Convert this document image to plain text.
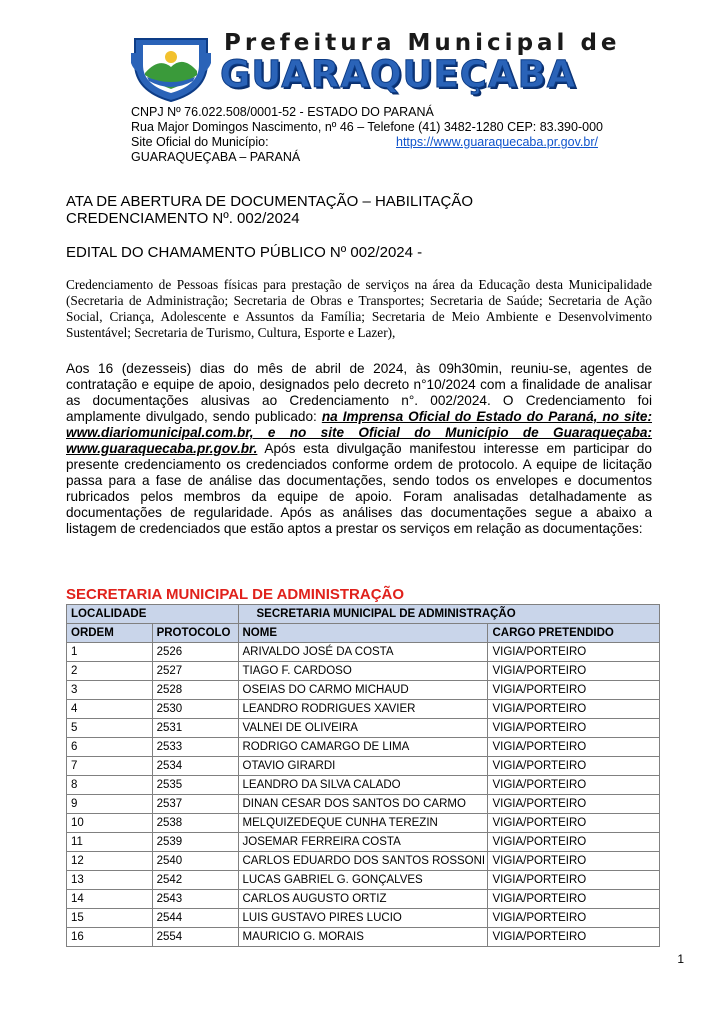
Prefeitura Municipal de
GUARAQUEÇABA
CNPJ Nº 76.022.508/0001-52 - ESTADO DO PARANÁ
Rua Major Domingos Nascimento, nº 46 – Telefone (41) 3482-1280 CEP: 83.390-000
Site Oficial do Município:	https://www.guaraquecaba.pr.gov.br/
GUARAQUEÇABA – PARANÁ
ATA DE ABERTURA DE DOCUMENTAÇÃO – HABILITAÇÃO
CREDENCIAMENTO Nº. 002/2024
EDITAL DO CHAMAMENTO PÚBLICO Nº 002/2024 -
Credenciamento de Pessoas físicas para prestação de serviços na área da Educação desta Municipalidade (Secretaria de Administração; Secretaria de Obras e Transportes; Secretaria de Saúde; Secretaria de Ação Social, Criança, Adolescente e Assuntos da Família; Secretaria de Meio Ambiente e Desenvolvimento Sustentável; Secretaria de Turismo, Cultura, Esporte e Lazer),
Aos 16 (dezesseis) dias do mês de abril de 2024, às 09h30min, reuniu-se, agentes de contratação e equipe de apoio, designados pelo decreto n°10/2024 com a finalidade de analisar as documentações alusivas ao Credenciamento n°. 002/2024. O Credenciamento foi amplamente divulgado, sendo publicado: na Imprensa Oficial do Estado do Paraná, no site: www.diariomunicipal.com.br, e no site Oficial do Município de Guaraqueçaba: www.guaraquecaba.pr.gov.br. Após esta divulgação manifestou interesse em participar do presente credenciamento os credenciados conforme ordem de protocolo. A equipe de licitação passa para a fase de análise das documentações, sendo todos os envelopes e documentos rubricados pelos membros da equipe de apoio. Foram analisadas detalhadamente as documentações de regularidade. Após as análises das documentações segue a abaixo a listagem de credenciados que estão aptos a prestar os serviços em relação as documentações:
SECRETARIA MUNICIPAL DE ADMINISTRAÇÃO
LOCALIDADE		SECRETARIA MUNICIPAL DE ADMINISTRAÇÃO	
ORDEM	PROTOCOLO	NOME	CARGO PRETENDIDO
1	2526	ARIVALDO JOSÉ DA COSTA	VIGIA/PORTEIRO
2	2527	TIAGO F. CARDOSO	VIGIA/PORTEIRO
3	2528	OSEIAS DO CARMO MICHAUD	VIGIA/PORTEIRO
4	2530	LEANDRO RODRIGUES XAVIER	VIGIA/PORTEIRO
5	2531	VALNEI DE OLIVEIRA	VIGIA/PORTEIRO
6	2533	RODRIGO CAMARGO DE LIMA	VIGIA/PORTEIRO
7	2534	OTAVIO GIRARDI	VIGIA/PORTEIRO
8	2535	LEANDRO DA SILVA CALADO	VIGIA/PORTEIRO
9	2537	DINAN CESAR DOS SANTOS DO CARMO	VIGIA/PORTEIRO
10	2538	MELQUIZEDEQUE CUNHA TEREZIN	VIGIA/PORTEIRO
11	2539	JOSEMAR FERREIRA COSTA	VIGIA/PORTEIRO
12	2540	CARLOS EDUARDO DOS SANTOS ROSSONI	VIGIA/PORTEIRO
13	2542	LUCAS GABRIEL G. GONÇALVES	VIGIA/PORTEIRO
14	2543	CARLOS AUGUSTO ORTIZ	VIGIA/PORTEIRO
15	2544	LUIS GUSTAVO PIRES LUCIO	VIGIA/PORTEIRO
16	2554	MAURICIO G. MORAIS	VIGIA/PORTEIRO
1
